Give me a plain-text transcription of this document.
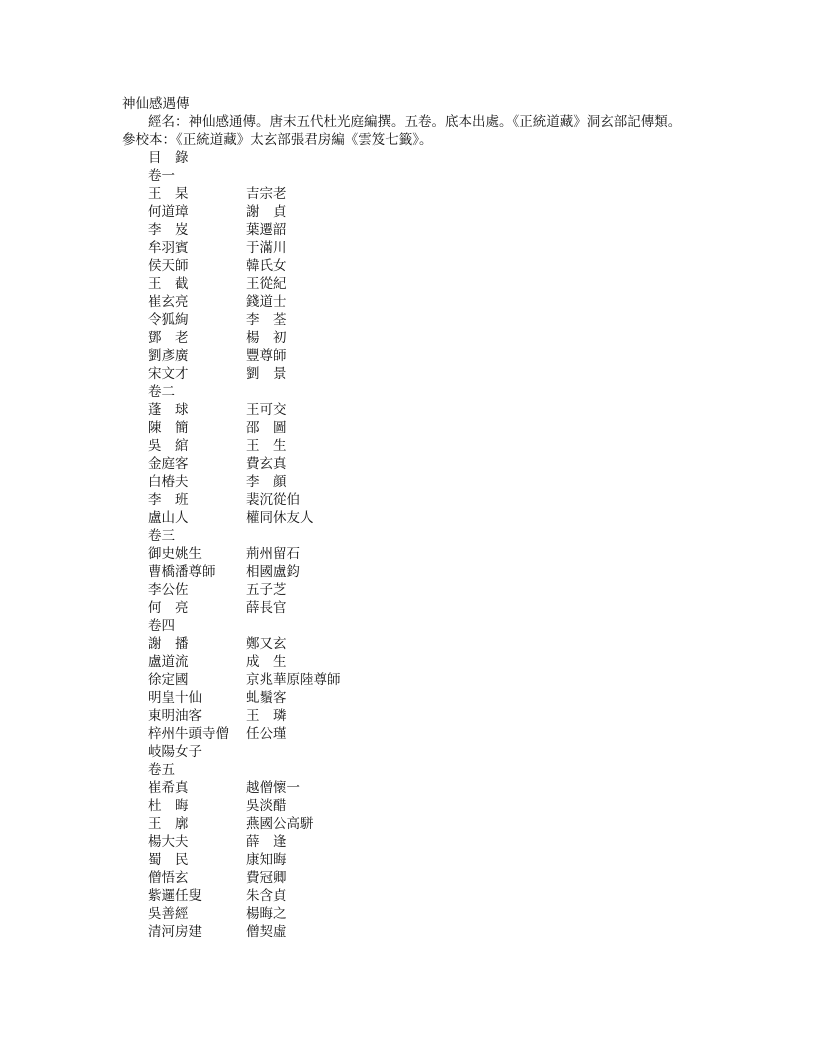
神仙感遇傳
經名：神仙感通傳。唐末五代杜光庭編撰。五卷。底本出處。《正統道藏》洞玄部記傳類。
參校本：《正統道藏》太玄部張君房編《雲笈七籤》。
目　錄
卷一
王　杲	吉宗老
何道璋	謝　貞
李　岌	葉遷韶
牟羽賓	于滿川
侯天師	韓氏女
王　截	王從紀
崔玄亮	錢道士
令狐絢	李　荃
鄧　老	楊　初
劉彥廣	豐尊師
宋文才	劉　景
卷二
蓬　球	王可交
陳　簡	邵　圖
吳　綰	王　生
金庭客	費玄真
白椿夫	李　顔
李　班	裴沉從伯
盧山人	權同休友人
卷三
御史姚生	荊州留石
曹橋潘尊師 相國盧鈞
李公佐	五子芝
何　亮	薛長官
卷四
謝　播	鄭又玄
盧道流	成　生
徐定國	京兆華原陸尊師
明皇十仙	虬鬚客
東明油客	王　璘
梓州牛頭寺僧 任公瑾
岐陽女子
卷五
崔希真	越僧懷一
杜　晦	吳淡醋
王　廓	燕國公高駢
楊大夫	薛　逢
蜀　民	康知晦
僧悟玄	費冠卿
紫邏任叟	朱含貞
吳善經	楊晦之
清河房建	僧契虛
